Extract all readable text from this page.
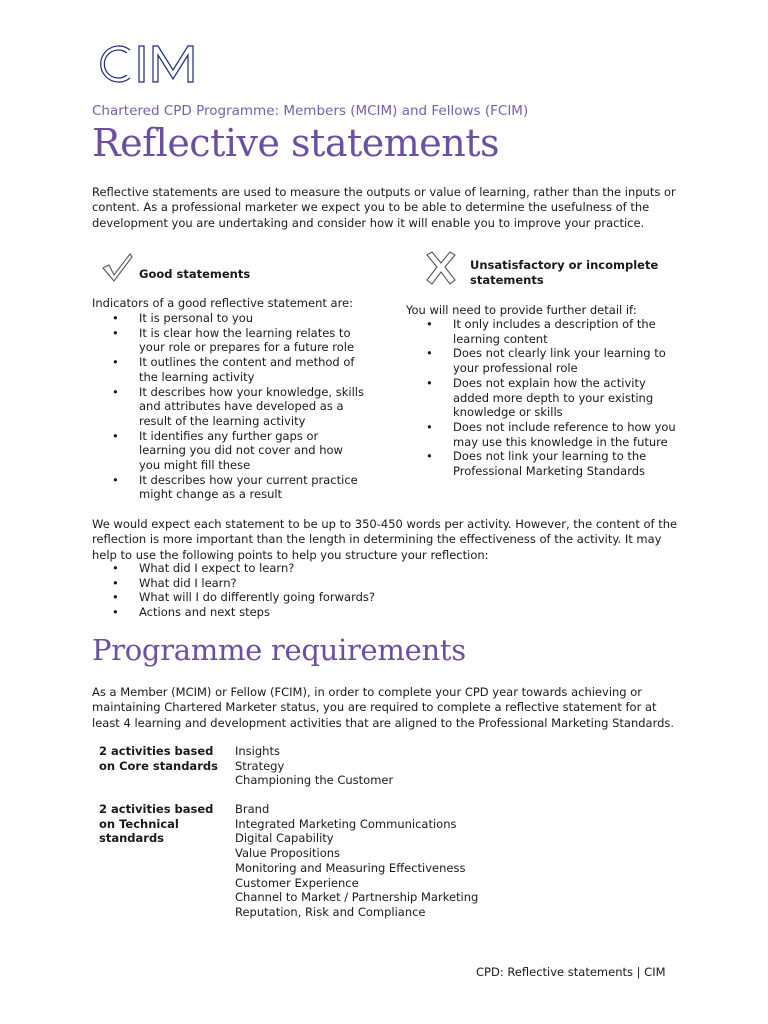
Chartered CPD Programme: Members (MCIM) and Fellows (FCIM)
Reflective statements
Reflective statements are used to measure the outputs or value of learning, rather than the inputs or content. As a professional marketer we expect you to be able to determine the usefulness of the development you are undertaking and consider how it will enable you to improve your practice.
Good statements
Indicators of a good reflective statement are:
• It is personal to you
• It is clear how the learning relates to your role or prepares for a future role
• It outlines the content and method of the learning activity
• It describes how your knowledge, skills and attributes have developed as a result of the learning activity
• It identifies any further gaps or learning you did not cover and how you might fill these
• It describes how your current practice might change as a result
Unsatisfactory or incomplete statements
You will need to provide further detail if:
• It only includes a description of the learning content
• Does not clearly link your learning to your professional role
• Does not explain how the activity added more depth to your existing knowledge or skills
• Does not include reference to how you may use this knowledge in the future
• Does not link your learning to the Professional Marketing Standards
We would expect each statement to be up to 350-450 words per activity. However, the content of the reflection is more important than the length in determining the effectiveness of the activity. It may help to use the following points to help you structure your reflection:
• What did I expect to learn?
• What did I learn?
• What will I do differently going forwards?
• Actions and next steps
Programme requirements
As a Member (MCIM) or Fellow (FCIM), in order to complete your CPD year towards achieving or maintaining Chartered Marketer status, you are required to complete a reflective statement for at least 4 learning and development activities that are aligned to the Professional Marketing Standards.
2 activities based on Core standards
Insights
Strategy
Championing the Customer
2 activities based on Technical standards
Brand
Integrated Marketing Communications
Digital Capability
Value Propositions
Monitoring and Measuring Effectiveness
Customer Experience
Channel to Market / Partnership Marketing
Reputation, Risk and Compliance
CPD: Reflective statements | CIM
